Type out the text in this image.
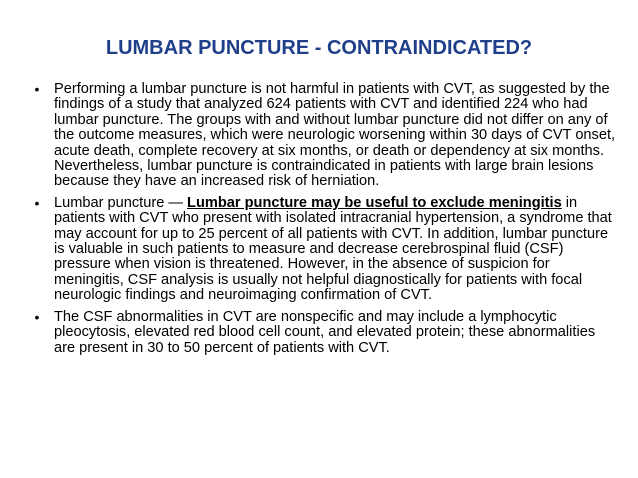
LUMBAR PUNCTURE - CONTRAINDICATED?
• Performing a lumbar puncture is not harmful in patients with CVT, as suggested by the findings of a study that analyzed 624 patients with CVT and identified 224 who had lumbar puncture. The groups with and without lumbar puncture did not differ on any of the outcome measures, which were neurologic worsening within 30 days of CVT onset, acute death, complete recovery at six months, or death or dependency at six months. Nevertheless, lumbar puncture is contraindicated in patients with large brain lesions because they have an increased risk of herniation.
• Lumbar puncture — Lumbar puncture may be useful to exclude meningitis in patients with CVT who present with isolated intracranial hypertension, a syndrome that may account for up to 25 percent of all patients with CVT. In addition, lumbar puncture is valuable in such patients to measure and decrease cerebrospinal fluid (CSF) pressure when vision is threatened. However, in the absence of suspicion for meningitis, CSF analysis is usually not helpful diagnostically for patients with focal neurologic findings and neuroimaging confirmation of CVT.
• The CSF abnormalities in CVT are nonspecific and may include a lymphocytic pleocytosis, elevated red blood cell count, and elevated protein; these abnormalities are present in 30 to 50 percent of patients with CVT.
